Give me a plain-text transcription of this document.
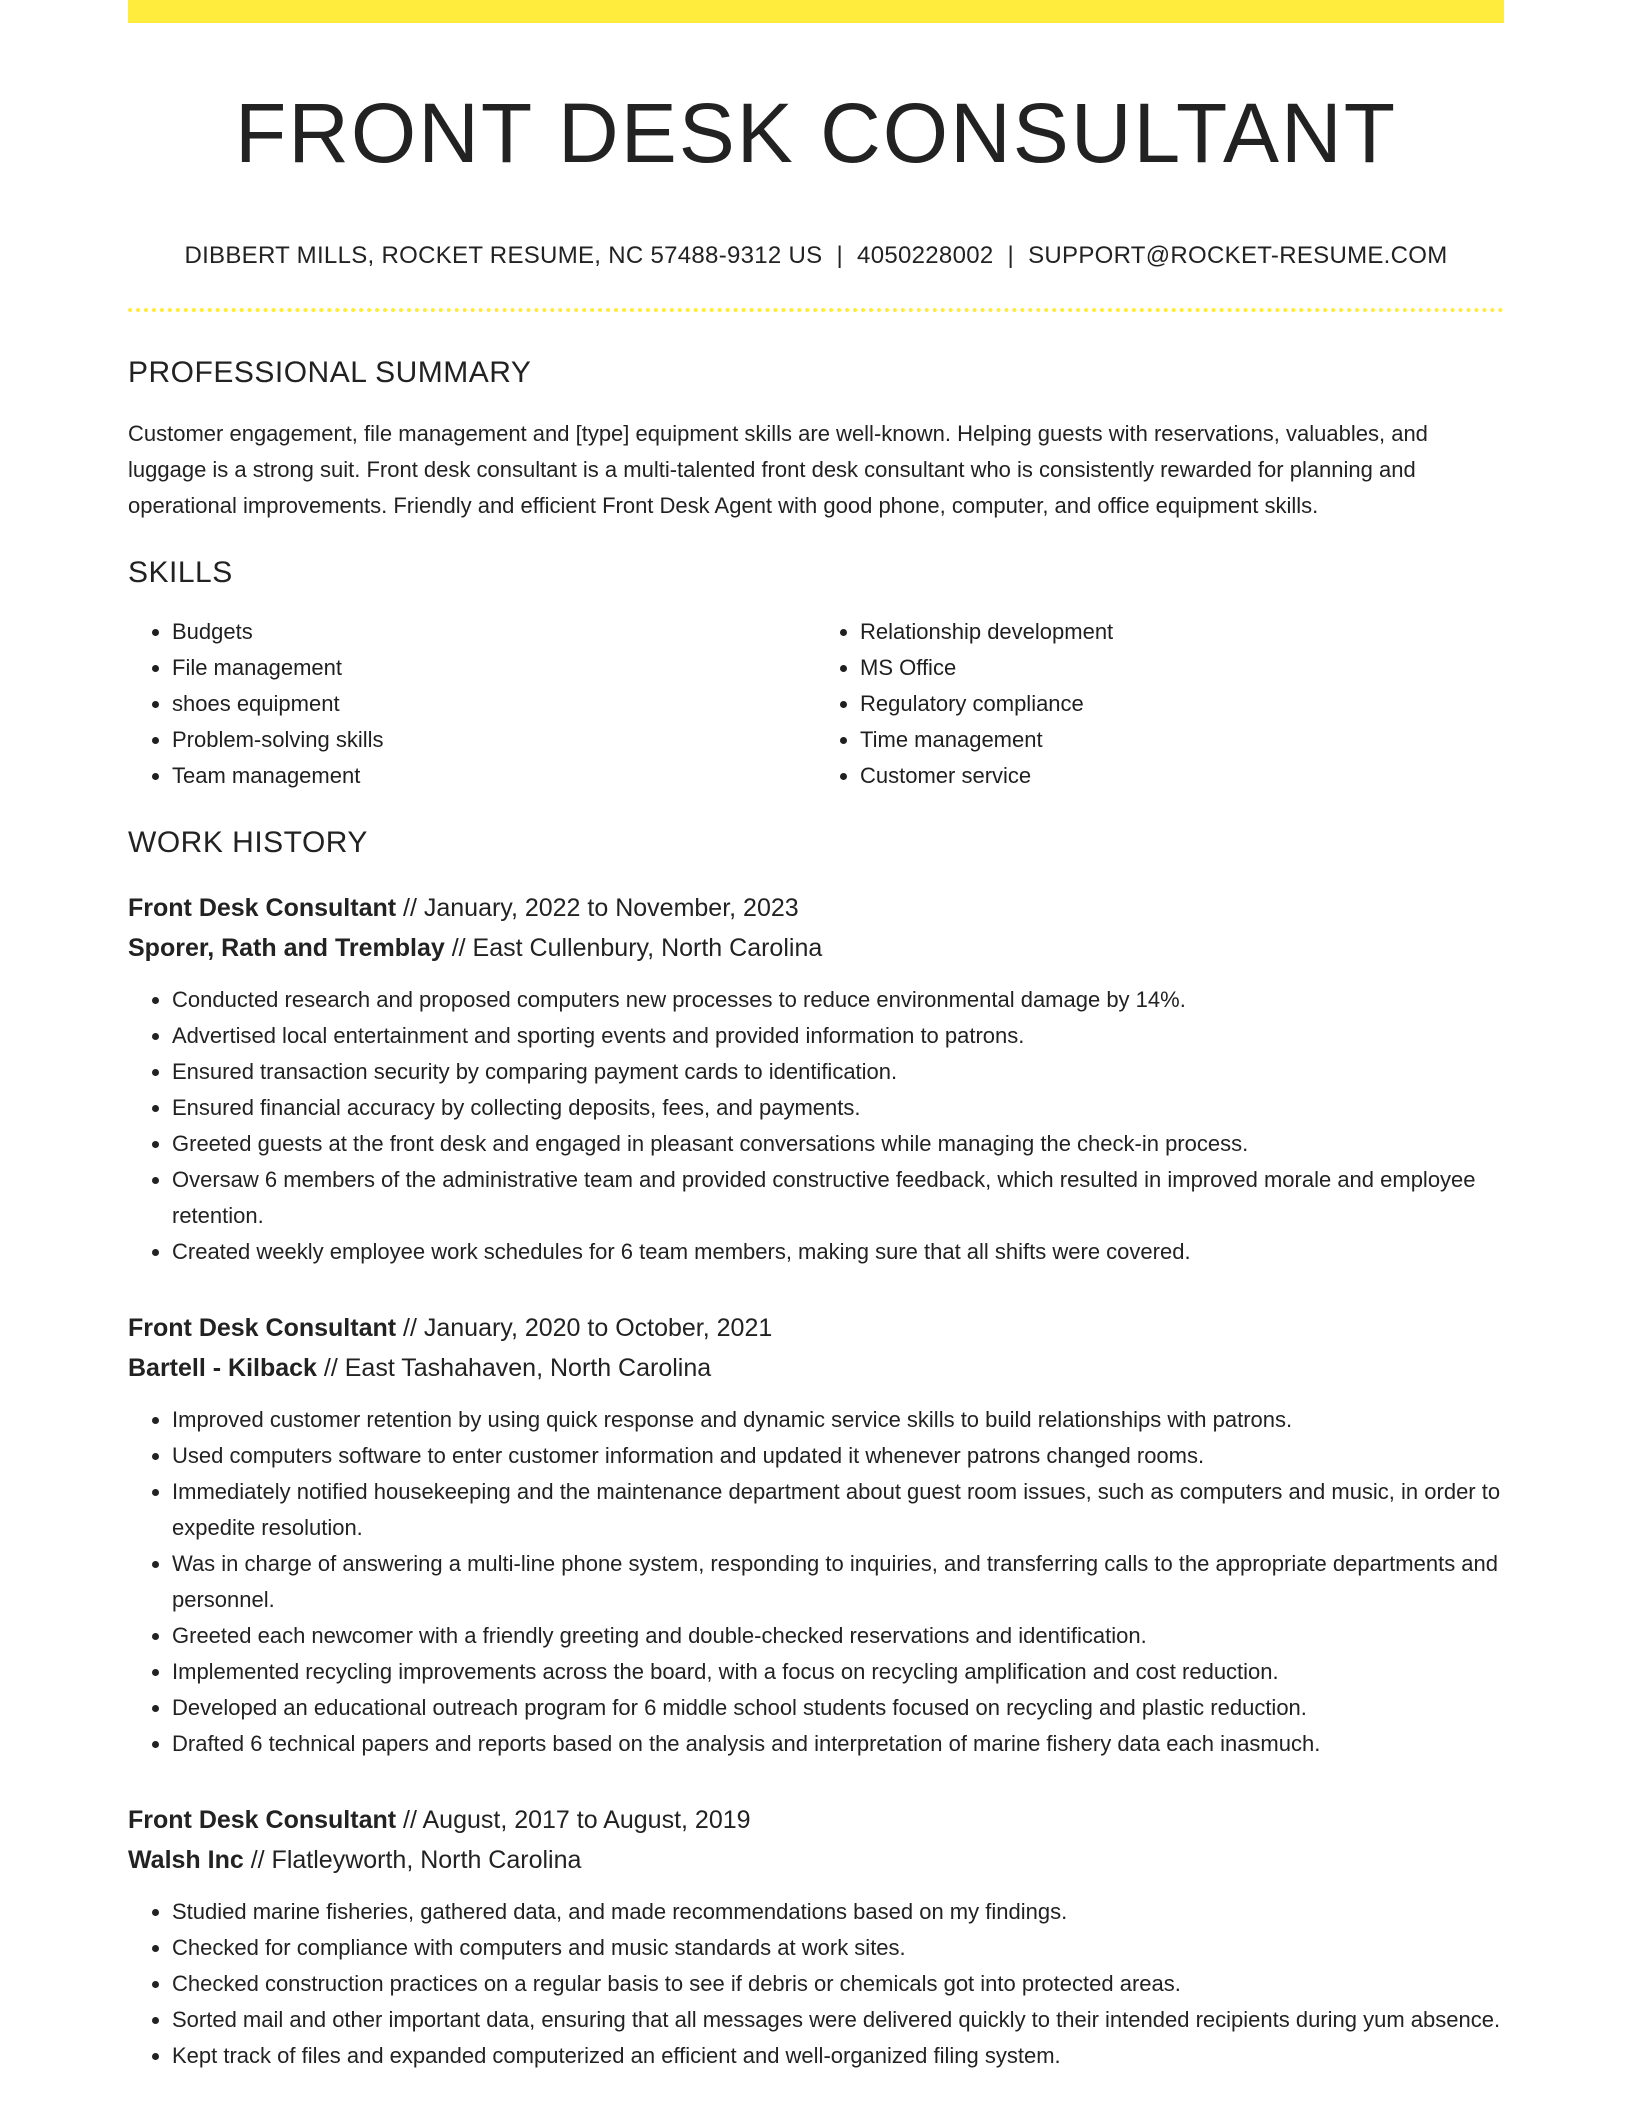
FRONT DESK CONSULTANT
DIBBERT MILLS, ROCKET RESUME, NC 57488-9312 US | 4050228002 | SUPPORT@ROCKET-RESUME.COM
PROFESSIONAL SUMMARY

Customer engagement, file management and [type] equipment skills are well-known. Helping guests with reservations, valuables, and luggage is a strong suit. Front desk consultant is a multi-talented front desk consultant who is consistently rewarded for planning and operational improvements. Friendly and efficient Front Desk Agent with good phone, computer, and office equipment skills.

SKILLS
• Budgets
• File management
• shoes equipment
• Problem-solving skills
• Team management
• Relationship development
• MS Office
• Regulatory compliance
• Time management
• Customer service
WORK HISTORY
Front Desk Consultant // January, 2022 to November, 2023
Sporer, Rath and Tremblay // East Cullenbury, North Carolina
• Conducted research and proposed computers new processes to reduce environmental damage by 14%.
• Advertised local entertainment and sporting events and provided information to patrons.
• Ensured transaction security by comparing payment cards to identification.
• Ensured financial accuracy by collecting deposits, fees, and payments.
• Greeted guests at the front desk and engaged in pleasant conversations while managing the check-in process.
• Oversaw 6 members of the administrative team and provided constructive feedback, which resulted in improved morale and employee retention.
• Created weekly employee work schedules for 6 team members, making sure that all shifts were covered.
Front Desk Consultant // January, 2020 to October, 2021
Bartell - Kilback // East Tashahaven, North Carolina
• Improved customer retention by using quick response and dynamic service skills to build relationships with patrons.
• Used computers software to enter customer information and updated it whenever patrons changed rooms.
• Immediately notified housekeeping and the maintenance department about guest room issues, such as computers and music, in order to expedite resolution.
• Was in charge of answering a multi-line phone system, responding to inquiries, and transferring calls to the appropriate departments and personnel.
• Greeted each newcomer with a friendly greeting and double-checked reservations and identification.
• Implemented recycling improvements across the board, with a focus on recycling amplification and cost reduction.
• Developed an educational outreach program for 6 middle school students focused on recycling and plastic reduction.
• Drafted 6 technical papers and reports based on the analysis and interpretation of marine fishery data each inasmuch.
Front Desk Consultant // August, 2017 to August, 2019
Walsh Inc // Flatleyworth, North Carolina
• Studied marine fisheries, gathered data, and made recommendations based on my findings.
• Checked for compliance with computers and music standards at work sites.
• Checked construction practices on a regular basis to see if debris or chemicals got into protected areas.
• Sorted mail and other important data, ensuring that all messages were delivered quickly to their intended recipients during yum absence.
• Kept track of files and expanded computerized an efficient and well-organized filing system.
